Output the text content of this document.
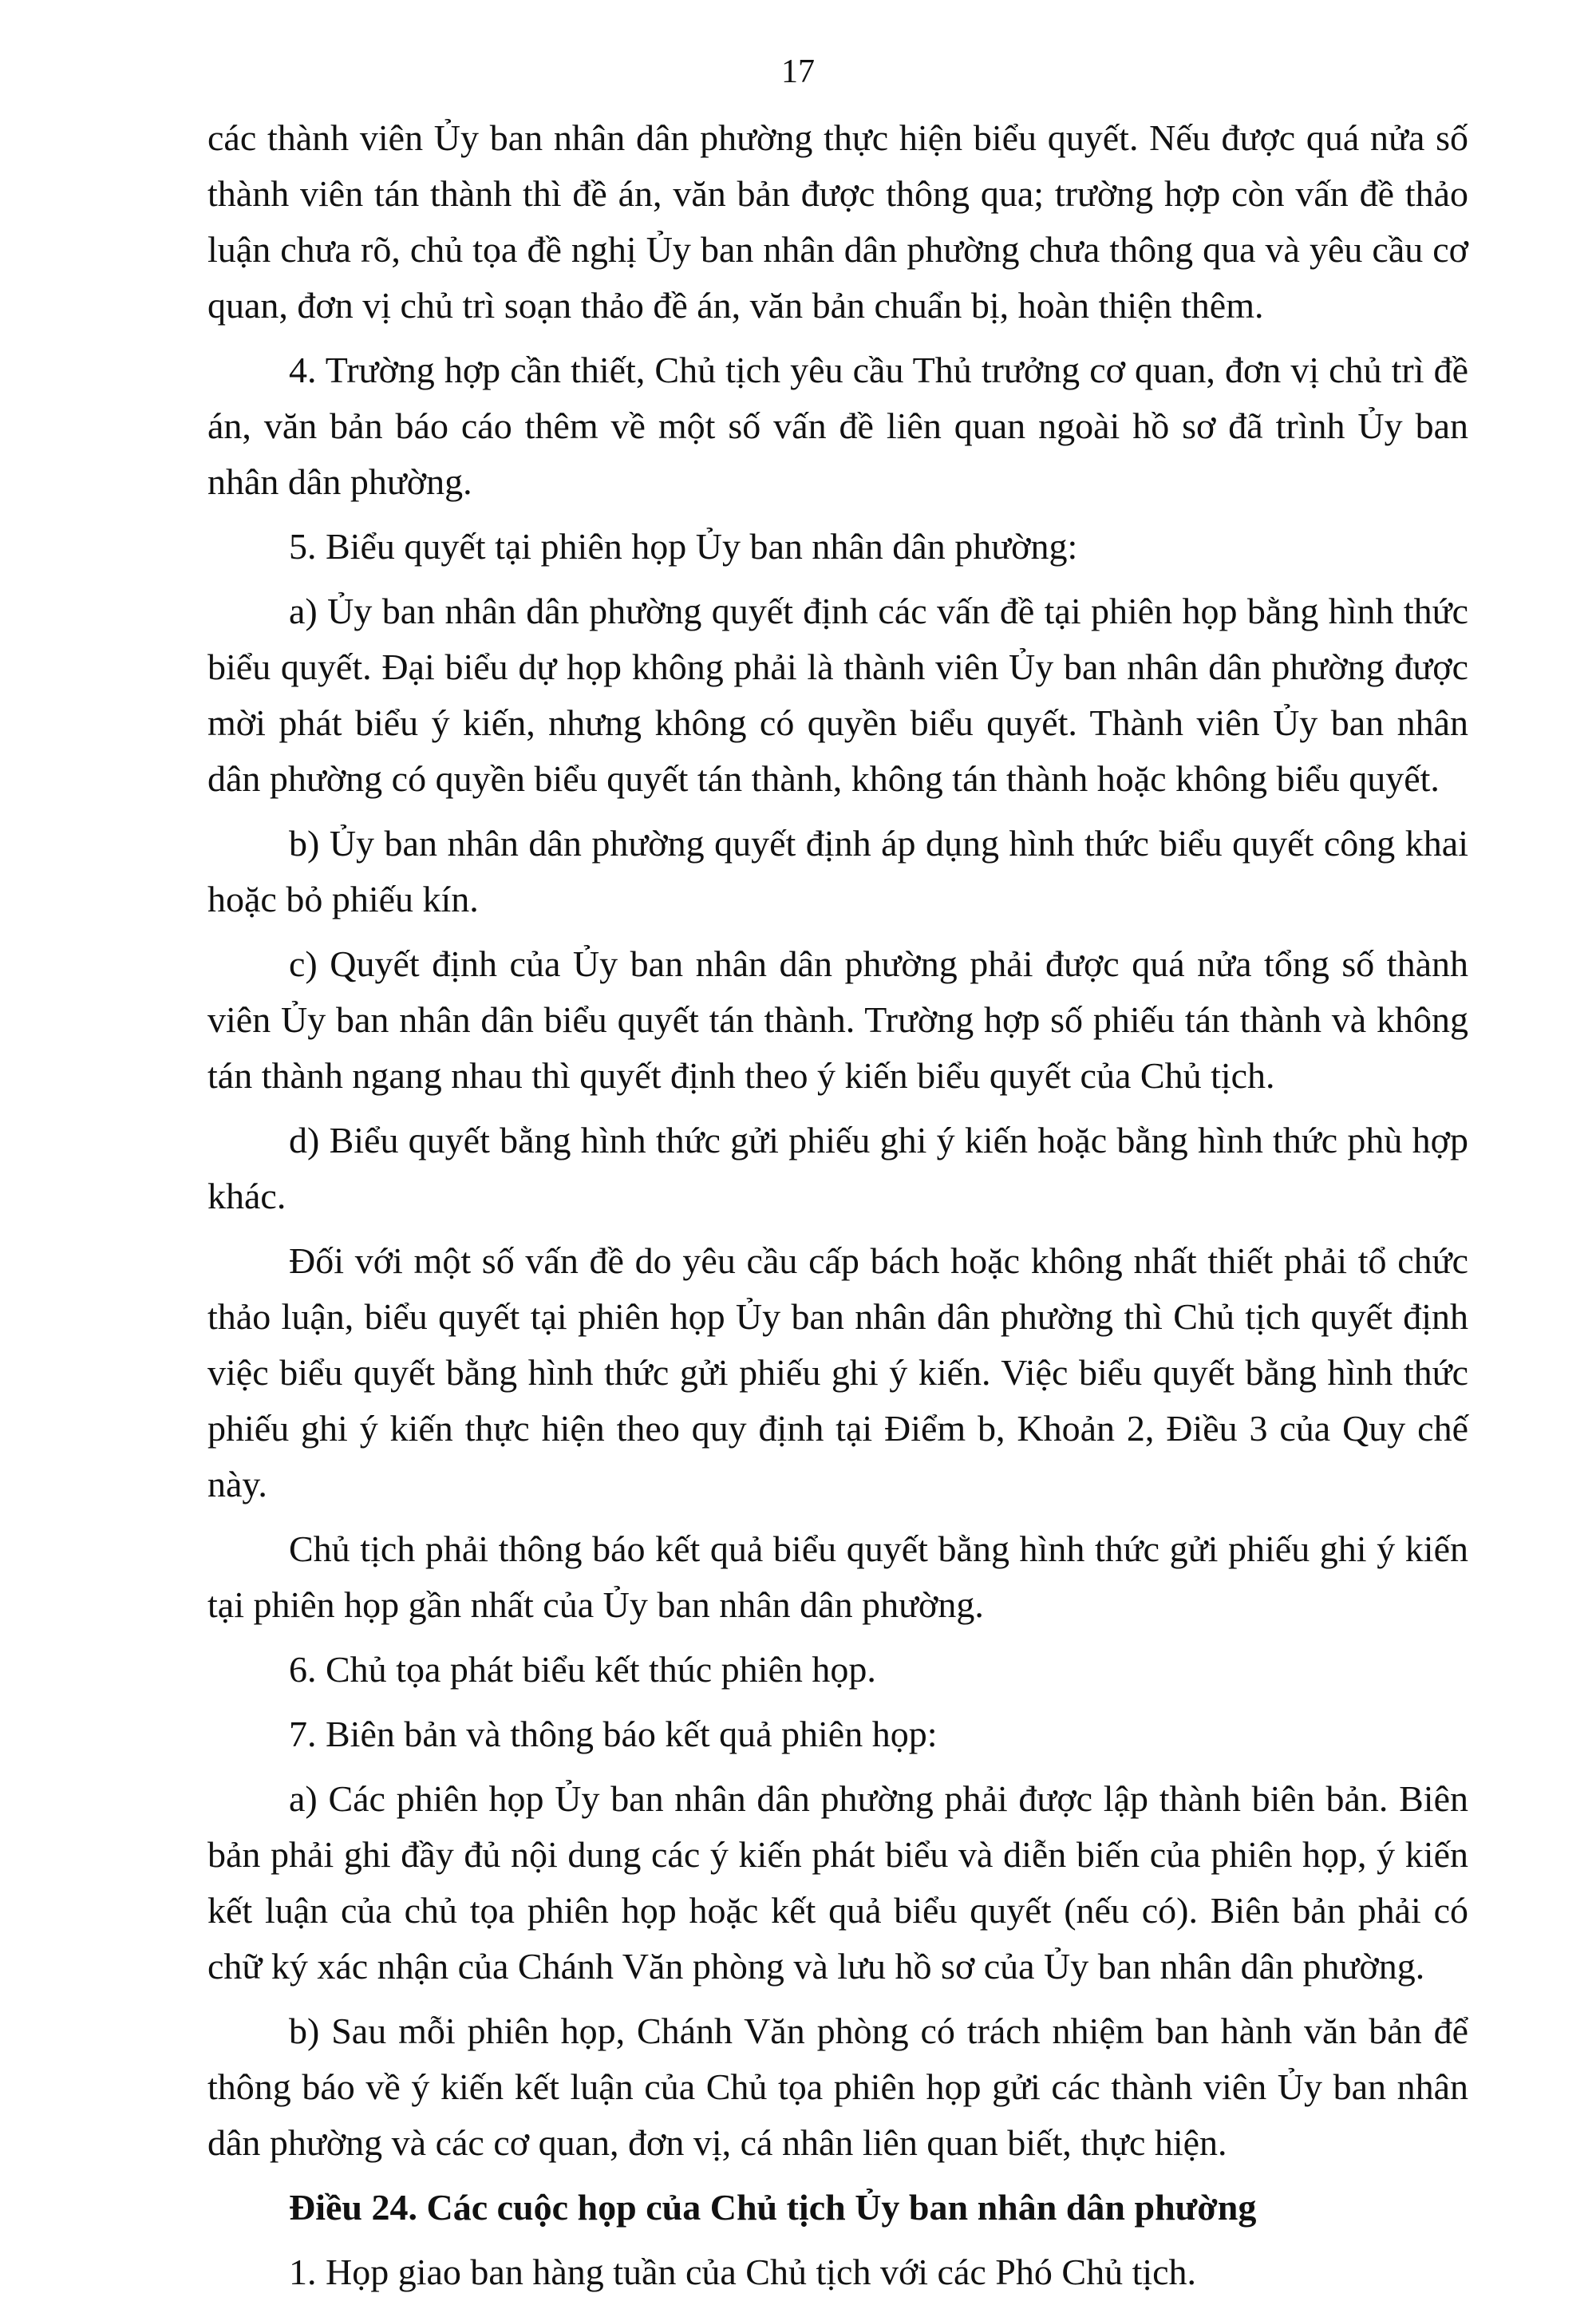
17

các thành viên Ủy ban nhân dân phường thực hiện biểu quyết. Nếu được quá nửa số thành viên tán thành thì đề án, văn bản được thông qua; trường hợp còn vấn đề thảo luận chưa rõ, chủ tọa đề nghị Ủy ban nhân dân phường chưa thông qua và yêu cầu cơ quan, đơn vị chủ trì soạn thảo đề án, văn bản chuẩn bị, hoàn thiện thêm.

4. Trường hợp cần thiết, Chủ tịch yêu cầu Thủ trưởng cơ quan, đơn vị chủ trì đề án, văn bản báo cáo thêm về một số vấn đề liên quan ngoài hồ sơ đã trình Ủy ban nhân dân phường.

5. Biểu quyết tại phiên họp Ủy ban nhân dân phường:

a) Ủy ban nhân dân phường quyết định các vấn đề tại phiên họp bằng hình thức biểu quyết. Đại biểu dự họp không phải là thành viên Ủy ban nhân dân phường được mời phát biểu ý kiến, nhưng không có quyền biểu quyết. Thành viên Ủy ban nhân dân phường có quyền biểu quyết tán thành, không tán thành hoặc không biểu quyết.

b) Ủy ban nhân dân phường quyết định áp dụng hình thức biểu quyết công khai hoặc bỏ phiếu kín.

c) Quyết định của Ủy ban nhân dân phường phải được quá nửa tổng số thành viên Ủy ban nhân dân biểu quyết tán thành. Trường hợp số phiếu tán thành và không tán thành ngang nhau thì quyết định theo ý kiến biểu quyết của Chủ tịch.

d) Biểu quyết bằng hình thức gửi phiếu ghi ý kiến hoặc bằng hình thức phù hợp khác.

Đối với một số vấn đề do yêu cầu cấp bách hoặc không nhất thiết phải tổ chức thảo luận, biểu quyết tại phiên họp Ủy ban nhân dân phường thì Chủ tịch quyết định việc biểu quyết bằng hình thức gửi phiếu ghi ý kiến. Việc biểu quyết bằng hình thức phiếu ghi ý kiến thực hiện theo quy định tại Điểm b, Khoản 2, Điều 3 của Quy chế này.

Chủ tịch phải thông báo kết quả biểu quyết bằng hình thức gửi phiếu ghi ý kiến tại phiên họp gần nhất của Ủy ban nhân dân phường.

6. Chủ tọa phát biểu kết thúc phiên họp.

7. Biên bản và thông báo kết quả phiên họp:

a) Các phiên họp Ủy ban nhân dân phường phải được lập thành biên bản. Biên bản phải ghi đầy đủ nội dung các ý kiến phát biểu và diễn biến của phiên họp, ý kiến kết luận của chủ tọa phiên họp hoặc kết quả biểu quyết (nếu có). Biên bản phải có chữ ký xác nhận của Chánh Văn phòng và lưu hồ sơ của Ủy ban nhân dân phường.

b) Sau mỗi phiên họp, Chánh Văn phòng có trách nhiệm ban hành văn bản để thông báo về ý kiến kết luận của Chủ tọa phiên họp gửi các thành viên Ủy ban nhân dân phường và các cơ quan, đơn vị, cá nhân liên quan biết, thực hiện.

Điều 24. Các cuộc họp của Chủ tịch Ủy ban nhân dân phường

1. Họp giao ban hàng tuần của Chủ tịch với các Phó Chủ tịch.
